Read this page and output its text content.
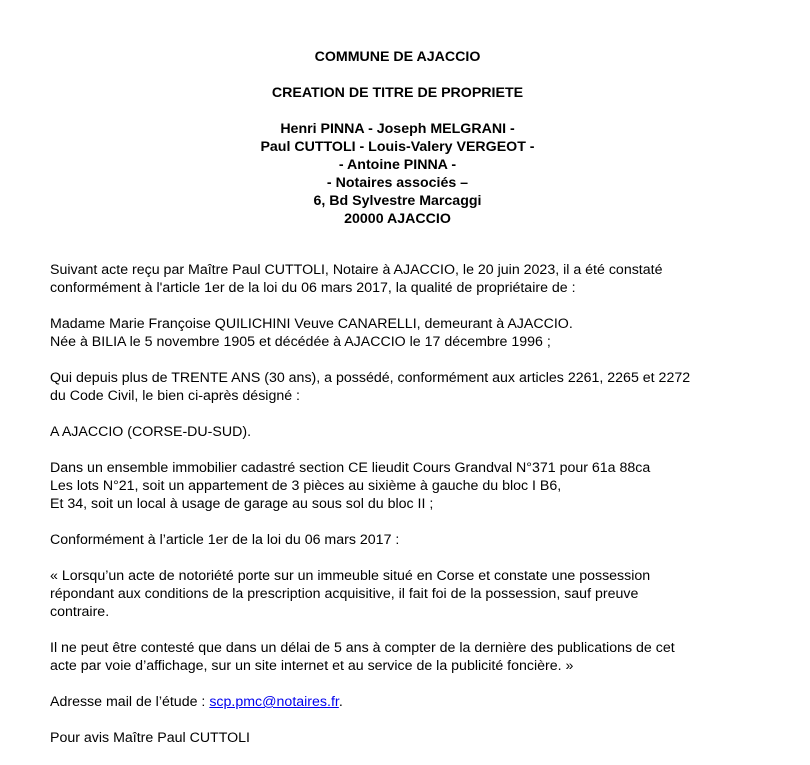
COMMUNE DE AJACCIO
CREATION DE TITRE DE PROPRIETE
Henri PINNA - Joseph MELGRANI -
Paul CUTTOLI - Louis-Valery VERGEOT -
- Antoine PINNA -
- Notaires associés –
6, Bd Sylvestre Marcaggi
20000 AJACCIO

Suivant acte reçu par Maître Paul CUTTOLI, Notaire à AJACCIO, le 20 juin 2023, il a été constaté
conformément à l'article 1er de la loi du 06 mars 2017, la qualité de propriétaire de :

Madame Marie Françoise QUILICHINI Veuve CANARELLI, demeurant à AJACCIO.
Née à BILIA le 5 novembre 1905 et décédée à AJACCIO le 17 décembre 1996 ;

Qui depuis plus de TRENTE ANS (30 ans), a possédé, conformément aux articles 2261, 2265 et 2272
du Code Civil, le bien ci-après désigné :

A AJACCIO (CORSE-DU-SUD).

Dans un ensemble immobilier cadastré section CE lieudit Cours Grandval N°371 pour 61a 88ca
Les lots N°21, soit un appartement de 3 pièces au sixième à gauche du bloc I B6,
Et 34, soit un local à usage de garage au sous sol du bloc II ;

Conformément à l’article 1er de la loi du 06 mars 2017 :

« Lorsqu’un acte de notoriété porte sur un immeuble situé en Corse et constate une possession
répondant aux conditions de la prescription acquisitive, il fait foi de la possession, sauf preuve
contraire.

Il ne peut être contesté que dans un délai de 5 ans à compter de la dernière des publications de cet
acte par voie d’affichage, sur un site internet et au service de la publicité foncière. »

Adresse mail de l’étude : scp.pmc@notaires.fr.

Pour avis Maître Paul CUTTOLI
